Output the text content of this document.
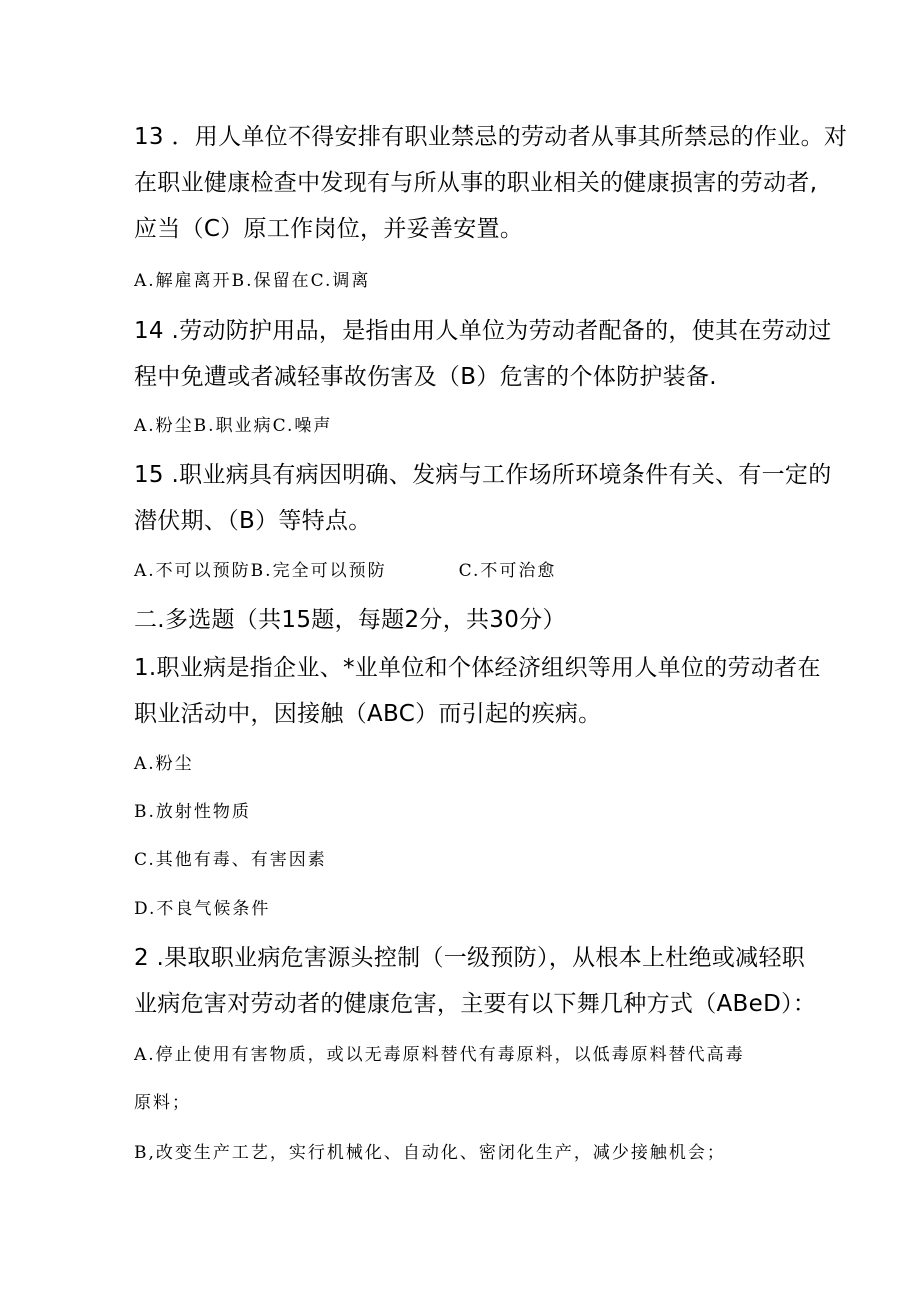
13 ．用人单位不得安排有职业禁忌的劳动者从事其所禁忌的作业。对
在职业健康检查中发现有与所从事的职业相关的健康损害的劳动者,
应当（C）原工作岗位，并妥善安置。
A.解雇离开B.保留在C.调离
14 .劳动防护用品，是指由用人单位为劳动者配备的，使其在劳动过
程中免遭或者减轻事故伤害及（B）危害的个体防护装备.
A.粉尘B.职业病C.噪声
15 .职业病具有病因明确、发病与工作场所环境条件有关、有一定的
潜伏期、（B）等特点。
A.不可以预防B.完全可以预防	C.不可治愈
二.多选题（共15题，每题2分，共30分）
1.职业病是指企业、*业单位和个体经济组织等用人单位的劳动者在
职业活动中，因接触（ABC）而引起的疾病。
A.粉尘
B.放射性物质
C.其他有毒、有害因素
D.不良气候条件
2 .果取职业病危害源头控制（一级预防），从根本上杜绝或减轻职
业病危害对劳动者的健康危害，主要有以下舞几种方式（ABeD）：
A.停止使用有害物质，或以无毒原料替代有毒原料，以低毒原料替代高毒
原料；
B,改变生产工艺，实行机械化、自动化、密闭化生产，减少接触机会；
